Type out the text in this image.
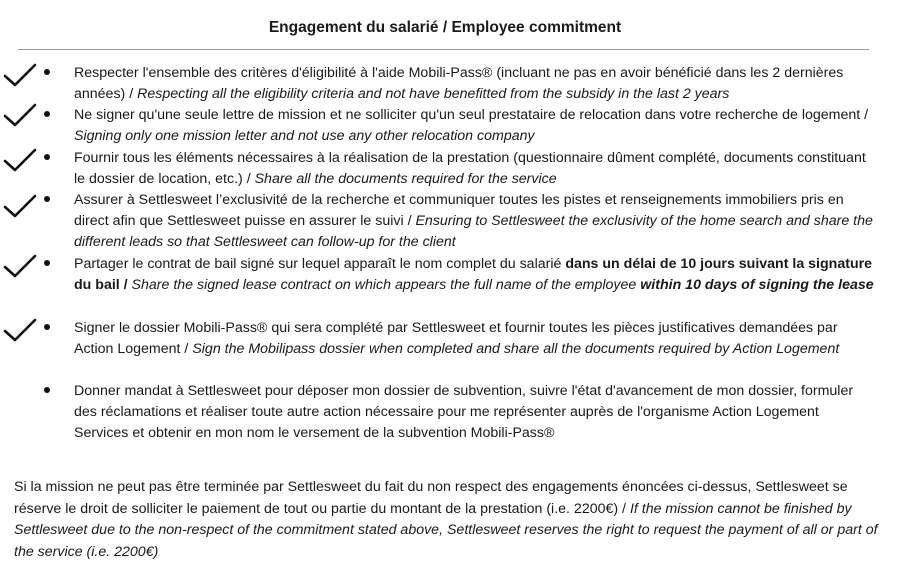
Engagement du salarié / Employee commitment
Respecter l'ensemble des critères d'éligibilité à l'aide Mobili-Pass® (incluant ne pas en avoir bénéficié dans les 2 dernières années) / Respecting all the eligibility criteria and not have benefitted from the subsidy in the last 2 years
Ne signer qu'une seule lettre de mission et ne solliciter qu'un seul prestataire de relocation dans votre recherche de logement / Signing only one mission letter and not use any other relocation company
Fournir tous les éléments nécessaires à la réalisation de la prestation (questionnaire dûment complété, documents constituant le dossier de location, etc.) / Share all the documents required for the service
Assurer à Settlesweet l’exclusivité de la recherche et communiquer toutes les pistes et renseignements immobiliers pris en direct afin que Settlesweet puisse en assurer le suivi / Ensuring to Settlesweet the exclusivity of the home search and share the different leads so that Settlesweet can follow-up for the client
Partager le contrat de bail signé sur lequel apparaît le nom complet du salarié dans un délai de 10 jours suivant la signature du bail / Share the signed lease contract on which appears the full name of the employee within 10 days of signing the lease
Signer le dossier Mobili-Pass® qui sera complété par Settlesweet et fournir toutes les pièces justificatives demandées par Action Logement / Sign the Mobilipass dossier when completed and share all the documents required by Action Logement
Donner mandat à Settlesweet pour déposer mon dossier de subvention, suivre l'état d'avancement de mon dossier, formuler des réclamations et réaliser toute autre action nécessaire pour me représenter auprès de l'organisme Action Logement Services et obtenir en mon nom le versement de la subvention Mobili-Pass®
Si la mission ne peut pas être terminée par Settlesweet du fait du non respect des engagements énoncées ci-dessus, Settlesweet se réserve le droit de solliciter le paiement de tout ou partie du montant de la prestation (i.e. 2200€) / If the mission cannot be finished by Settlesweet due to the non-respect of the commitment stated above, Settlesweet reserves the right to request the payment of all or part of the service (i.e. 2200€)
